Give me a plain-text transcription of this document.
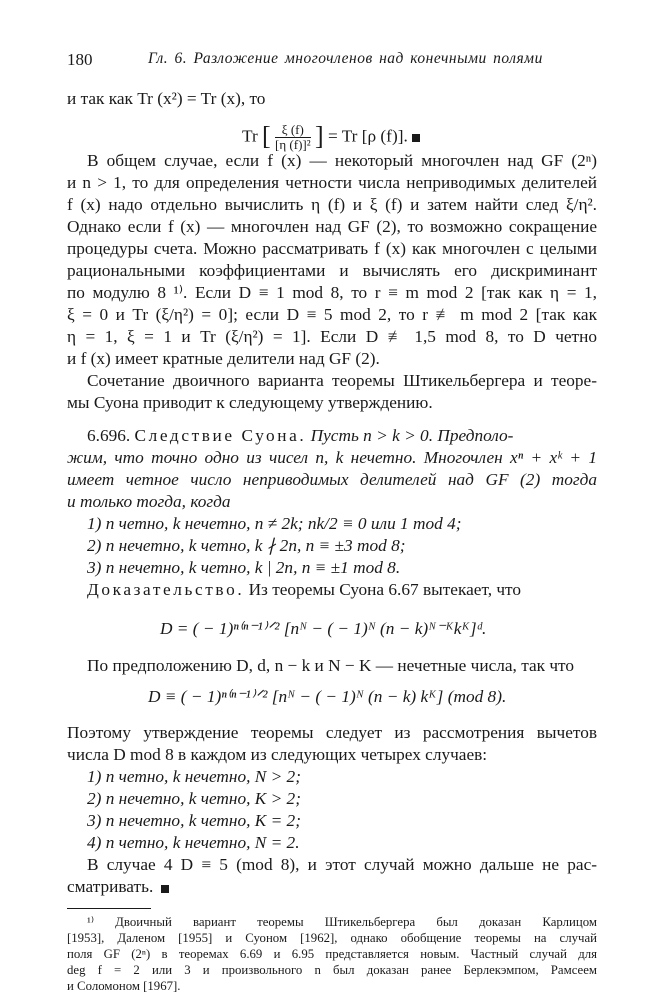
180	Гл. 6. Разложение многочленов над конечными полями
и так как Tr (x²) = Tr (x), то
Tr [ $\frac{\xi (f)}{\text{[η (f)]²}}$ ] = Tr [ρ (f)].
В общем случае, если f (x) — некоторый многочлен над GF (2ⁿ)
и n > 1, то для определения четности числа неприводимых делителей
f (x) надо отдельно вычислить η (f) и ξ (f) и затем найти след ξ/η².
Однако если f (x) — многочлен над GF (2), то возможно сокращение
процедуры счета. Можно рассматривать f (x) как многочлен с целыми
рациональными коэффициентами и вычислять его дискриминант
по модулю 8 ¹⁾. Если D ≡ 1 mod 8, то r ≡ m mod 2 [так как η = 1,
ξ = 0 и Tr (ξ/η²) = 0]; если D ≡ 5 mod 2, то r ≢ m mod 2 [так как
η = 1, ξ = 1 и Tr (ξ/η²) = 1]. Если D ≢ 1,5 mod 8, то D четно
и f (x) имеет кратные делители над GF (2).
Сочетание двоичного варианта теоремы Штикельбергера и теоре-
мы Суона приводит к следующему утверждению.
6.696. Следствие Суона. Пусть n > k > 0. Предполо-
жим, что точно одно из чисел n, k нечетно. Многочлен xⁿ + xᵏ + 1
имеет четное число неприводимых делителей над GF (2) тогда
и только тогда, когда
1) n четно, k нечетно, n ≠ 2k; nk/2 ≡ 0 или 1 mod 4;
2) n нечетно, k четно, k ∤ 2n, n ≡ ±3 mod 8;
3) n нечетно, k четно, k | 2n, n ≡ ±1 mod 8.
Доказательство. Из теоремы Суона 6.67 вытекает, что
D = ( − 1)ⁿ⁽ⁿ⁻¹⁾ᐟ² [nᴺ − ( − 1)ᴺ (n − k)ᴺ⁻ᴷkᴷ]ᵈ.
По предположению D, d, n − k и N − K — нечетные числа, так что
D ≡ ( − 1)ⁿ⁽ⁿ⁻¹⁾ᐟ² [nᴺ − ( − 1)ᴺ (n − k) kᴷ] (mod 8).
Поэтому утверждение теоремы следует из рассмотрения вычетов
числа D mod 8 в каждом из следующих четырех случаев:
1) n четно, k нечетно, N > 2;
2) n нечетно, k четно, K > 2;
3) n нечетно, k четно, K = 2;
4) n четно, k нечетно, N = 2.
В случае 4 D ≡ 5 (mod 8), и этот случай можно дальше не рас-
сматривать.
¹⁾ Двоичный вариант теоремы Штикельбергера был доказан Карлицом
[1953], Даленом [1955] и Суоном [1962], однако обобщение теоремы на случай
поля GF (2ⁿ) в теоремах 6.69 и 6.95 представляется новым. Частный случай для
deg f = 2 или 3 и произвольного n был доказан ранее Берлекэмпом, Рамсеем
и Соломоном [1967].
